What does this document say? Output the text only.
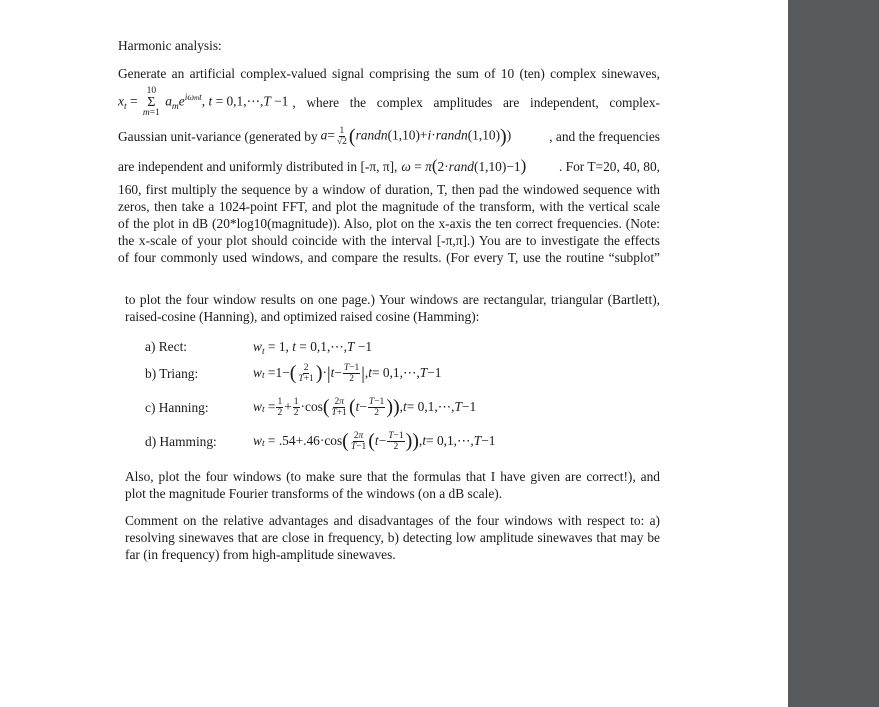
Harmonic analysis:
Generate an artificial complex-valued signal comprising the sum of 10 (ten) complex sinewaves,
$x_t$ =
10
Σ
m=1
$a_me^{i\omega mt}$, t = 0,1,⋯,T −1 , where the complex amplitudes are independent, complex-
Gaussian unit-variance (generated by $a= \frac{1}{√2}$ (randn(1,10)+i·randn(1,10)))	, and the frequencies
are independent and uniformly distributed in [-π, π], ω = π(2·rand(1,10)−1)	. For T=20, 40, 80,
160, first multiply the sequence by a window of duration, T, then pad the windowed sequence with
zeros, then take a 1024-point FFT, and plot the magnitude of the transform, with the vertical scale
of the plot in dB (20*log10(magnitude)). Also, plot on the x-axis the ten correct frequencies. (Note:
the x-scale of your plot should coincide with the interval [-π,π].) You are to investigate the effects
of four commonly used windows, and compare the results. (For every T, use the routine “subplot”
to plot the four window results on one page.) Your windows are rectangular, triangular (Bartlett),
raised-cosine (Hanning), and optimized raised cosine (Hamming):
a) Rect:	$w_t = 1$, t = 0,1,⋯,T −1
b) Triang:	w t =1− ( $\frac{2}{T+1}$ ) · | $t - \frac{T-1}{2}$ | , t = 0,1,⋯, T −1
c) Hanning:	w $t = \frac{1}{2} + \frac{1}{2} \cdot\cos$ ( $\frac{2\pi}{T+1}$ ( $t - \frac{T-1}{2}$ )) , t = 0,1,⋯, T −1
d) Hamming:	w t = .54+.46·cos ( $\frac{2\pi}{T-1}$ ( $t - \frac{T-1}{2}$ )) , t = 0,1,⋯, T −1
Also, plot the four windows (to make sure that the formulas that I have given are correct!), and
plot the magnitude Fourier transforms of the windows (on a dB scale).
Comment on the relative advantages and disadvantages of the four windows with respect to: a)
resolving sinewaves that are close in frequency, b) detecting low amplitude sinewaves that may be
far (in frequency) from high-amplitude sinewaves.
